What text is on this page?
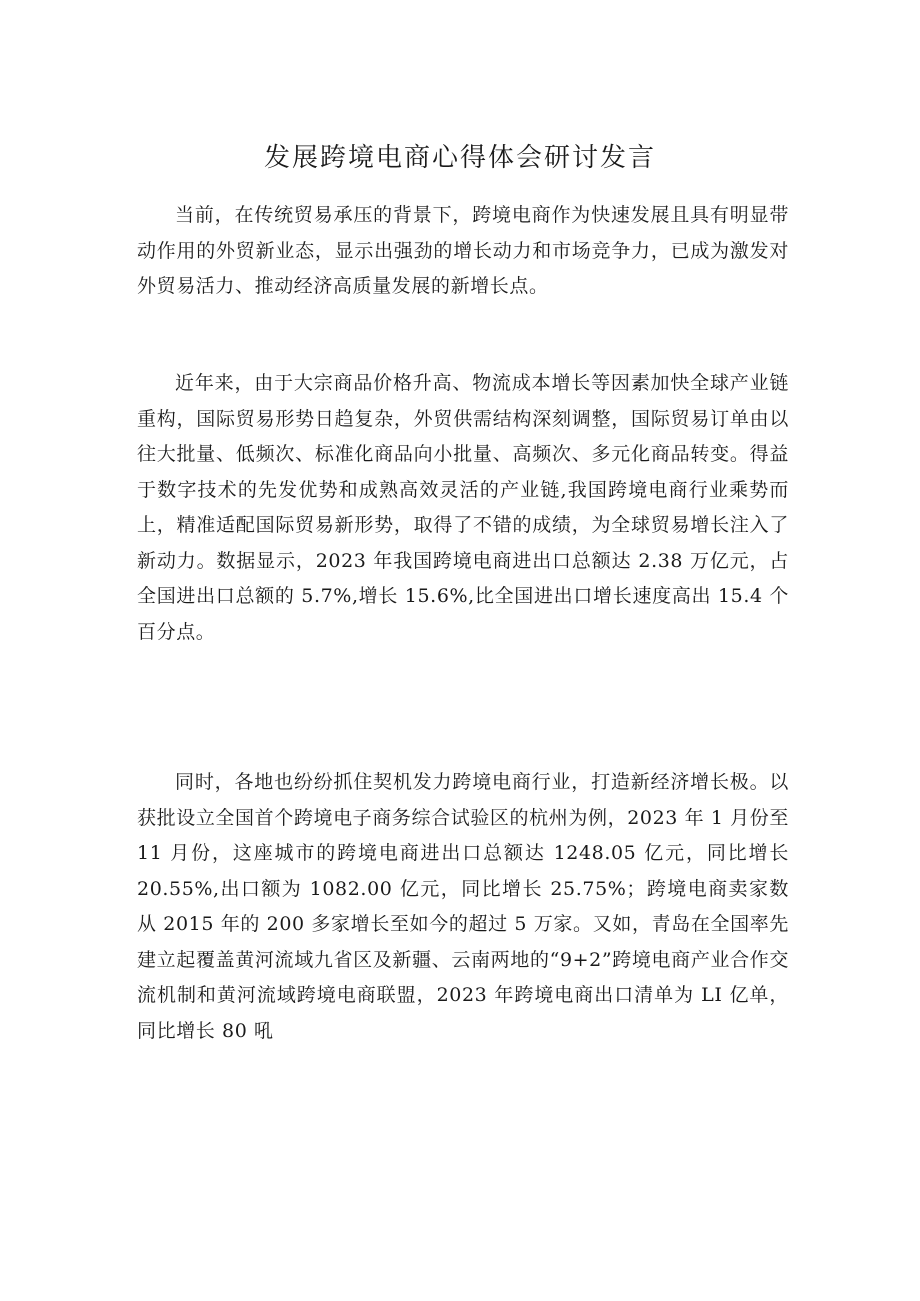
发展跨境电商心得体会研讨发言

当前，在传统贸易承压的背景下，跨境电商作为快速发展且具有明显带动作用的外贸新业态，显示出强劲的增长动力和市场竞争力，已成为激发对外贸易活力、推动经济高质量发展的新增长点。

近年来，由于大宗商品价格升高、物流成本增长等因素加快全球产业链重构，国际贸易形势日趋复杂，外贸供需结构深刻调整，国际贸易订单由以往大批量、低频次、标准化商品向小批量、高频次、多元化商品转变。得益于数字技术的先发优势和成熟高效灵活的产业链,我国跨境电商行业乘势而上，精准适配国际贸易新形势，取得了不错的成绩，为全球贸易增长注入了新动力。数据显示，2023 年我国跨境电商进出口总额达 2.38 万亿元，占全国进出口总额的 5.7%,增长 15.6%,比全国进出口增长速度高出 15.4 个百分点。

同时，各地也纷纷抓住契机发力跨境电商行业，打造新经济增长极。以获批设立全国首个跨境电子商务综合试验区的杭州为例，2023 年 1 月份至 11 月份，这座城市的跨境电商进出口总额达 1248.05 亿元，同比增长 20.55%,出口额为 1082.00 亿元，同比增长 25.75%；跨境电商卖家数从 2015 年的 200 多家增长至如今的超过 5 万家。又如，青岛在全国率先建立起覆盖黄河流域九省区及新疆、云南两地的“9+2”跨境电商产业合作交流机制和黄河流域跨境电商联盟，2023 年跨境电商出口清单为 LI 亿单，同比增长 80 吼
